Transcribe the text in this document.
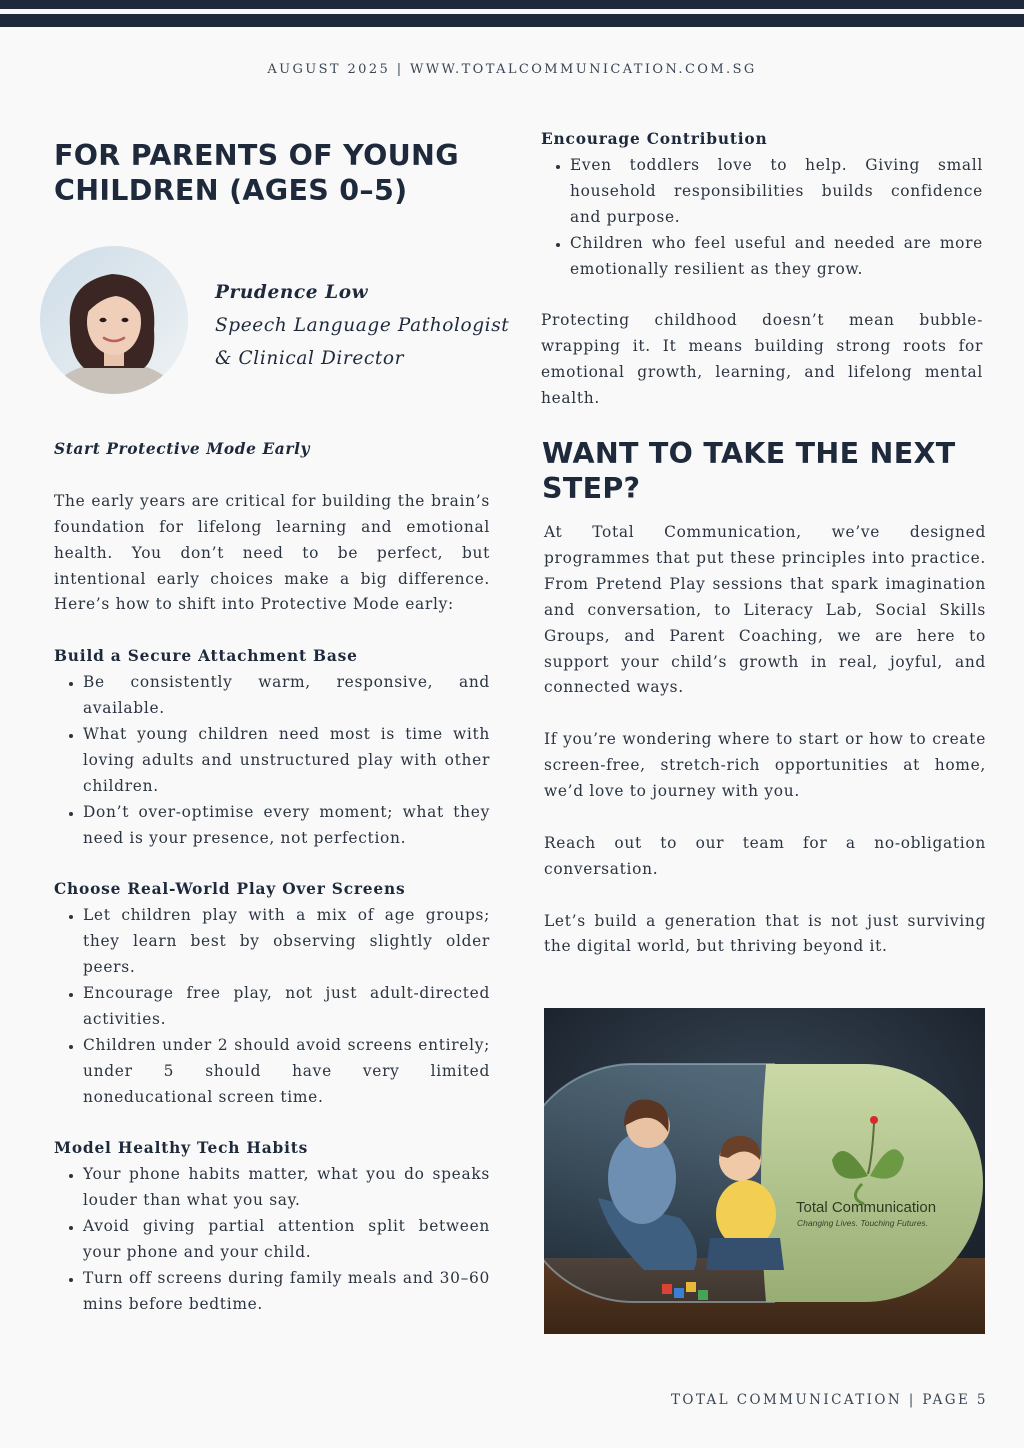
AUGUST 2025 | WWW.TOTALCOMMUNICATION.COM.SG
FOR PARENTS OF YOUNG CHILDREN (AGES 0–5)
Prudence Low
Speech Language Pathologist
& Clinical Director

Start Protective Mode Early

The early years are critical for building the brain’s foundation for lifelong learning and emotional health. You don’t need to be perfect, but intentional early choices make a big difference. Here’s how to shift into Protective Mode early:

Build a Secure Attachment Base

• Be consistently warm, responsive, and available.
• What young children need most is time with loving adults and unstructured play with other children.
• Don’t over-optimise every moment; what they need is your presence, not perfection.

Choose Real-World Play Over Screens

• Let children play with a mix of age groups; they learn best by observing slightly older peers.
• Encourage free play, not just adult-directed activities.
• Children under 2 should avoid screens entirely; under 5 should have very limited noneducational screen time.

Model Healthy Tech Habits

• Your phone habits matter, what you do speaks louder than what you say.
• Avoid giving partial attention split between your phone and your child.
• Turn off screens during family meals and 30–60 mins before bedtime.

Encourage Contribution

• Even toddlers love to help. Giving small household responsibilities builds confidence and purpose.
• Children who feel useful and needed are more emotionally resilient as they grow.

Protecting childhood doesn’t mean bubble-wrapping it. It means building strong roots for emotional growth, learning, and lifelong mental health.

WANT TO TAKE THE NEXT STEP?

At Total Communication, we’ve designed programmes that put these principles into practice. From Pretend Play sessions that spark imagination and conversation, to Literacy Lab, Social Skills Groups, and Parent Coaching, we are here to support your child’s growth in real, joyful, and connected ways.

If you’re wondering where to start or how to create screen-free, stretch-rich opportunities at home, we’d love to journey with you.

Reach out to our team for a no-obligation conversation.

Let’s build a generation that is not just surviving the digital world, but thriving beyond it.

Total Communication
Changing Lives. Touching Futures.
TOTAL COMMUNICATION | PAGE 5
